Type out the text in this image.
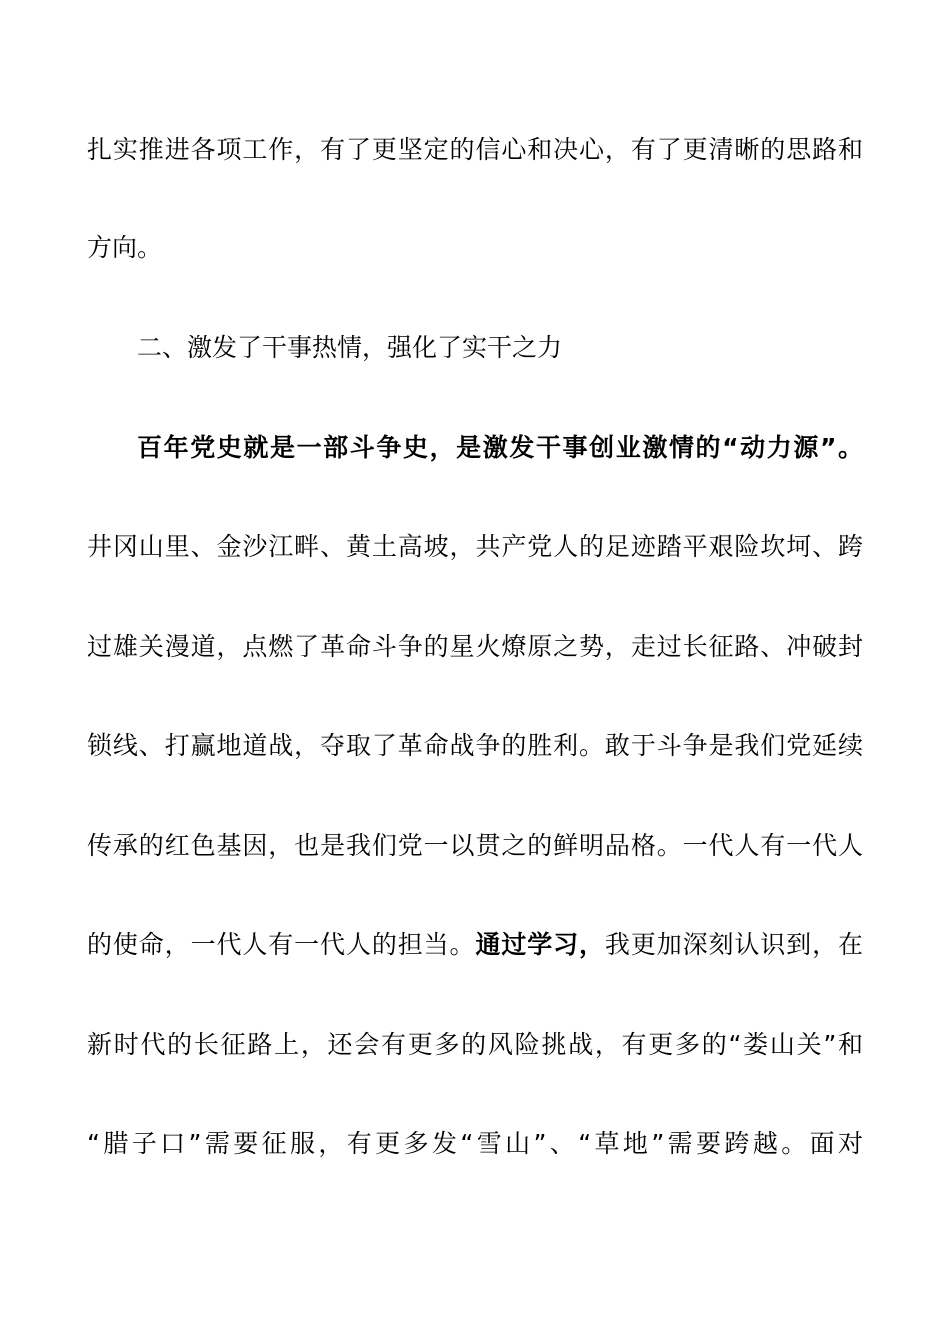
扎实推进各项工作，有了更坚定的信心和决心，有了更清晰的思路和
方向。
二、激发了干事热情，强化了实干之力
百年党史就是一部斗争史，是激发干事创业激情的“动力源”。
井冈山里、金沙江畔、黄土高坡，共产党人的足迹踏平艰险坎坷、跨
过雄关漫道，点燃了革命斗争的星火燎原之势，走过长征路、冲破封
锁线、打赢地道战，夺取了革命战争的胜利。敢于斗争是我们党延续
传承的红色基因，也是我们党一以贯之的鲜明品格。一代人有一代人
的使命，一代人有一代人的担当。通过学习，我更加深刻认识到，在
新时代的长征路上，还会有更多的风险挑战，有更多的“娄山关”和
“腊子口”需要征服，有更多发“雪山”、“草地”需要跨越。面对
